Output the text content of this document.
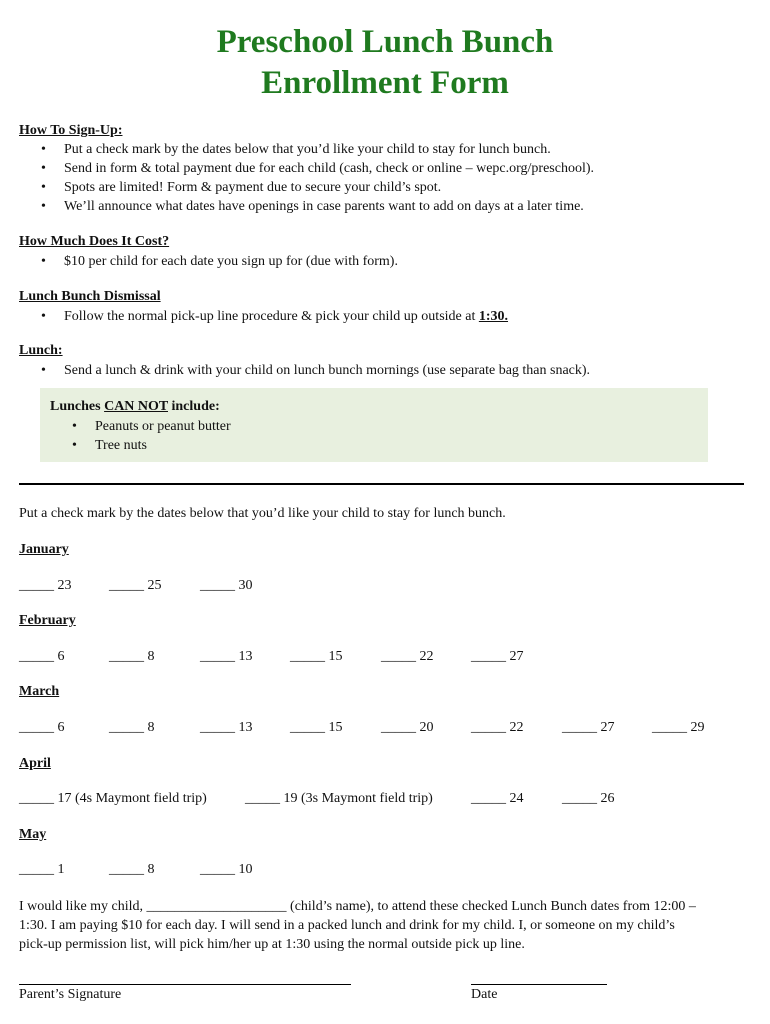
Preschool Lunch Bunch
Enrollment Form
How To Sign-Up:
• Put a check mark by the dates below that you’d like your child to stay for lunch bunch.
• Send in form & total payment due for each child (cash, check or online – wepc.org/preschool).
• Spots are limited! Form & payment due to secure your child’s spot.
• We’ll announce what dates have openings in case parents want to add on days at a later time.
How Much Does It Cost?
• $10 per child for each date you sign up for (due with form).
Lunch Bunch Dismissal
• Follow the normal pick-up line procedure & pick your child up outside at 1:30.
Lunch:
• Send a lunch & drink with your child on lunch bunch mornings (use separate bag than snack).
Lunches CAN NOT include:
• Peanuts or peanut butter
• Tree nuts
Put a check mark by the dates below that you’d like your child to stay for lunch bunch.
January
_____ 23	_____ 25	_____ 30
February
_____ 6	_____ 8	_____ 13	_____ 15	_____ 22	_____ 27
March
_____ 6	_____ 8	_____ 13	_____ 15	_____ 20	_____ 22	_____ 27	_____ 29
April
_____ 17 (4s Maymont field trip)	_____ 19 (3s Maymont field trip)	_____ 24	_____ 26
May
_____ 1	_____ 8	_____ 10
I would like my child, ____________________ (child’s name), to attend these checked Lunch Bunch dates from 12:00 –
1:30. I am paying $10 for each day. I will send in a packed lunch and drink for my child. I, or someone on my child’s
pick-up permission list, will pick him/her up at 1:30 using the normal outside pick up line.
Parent’s Signature	Date
